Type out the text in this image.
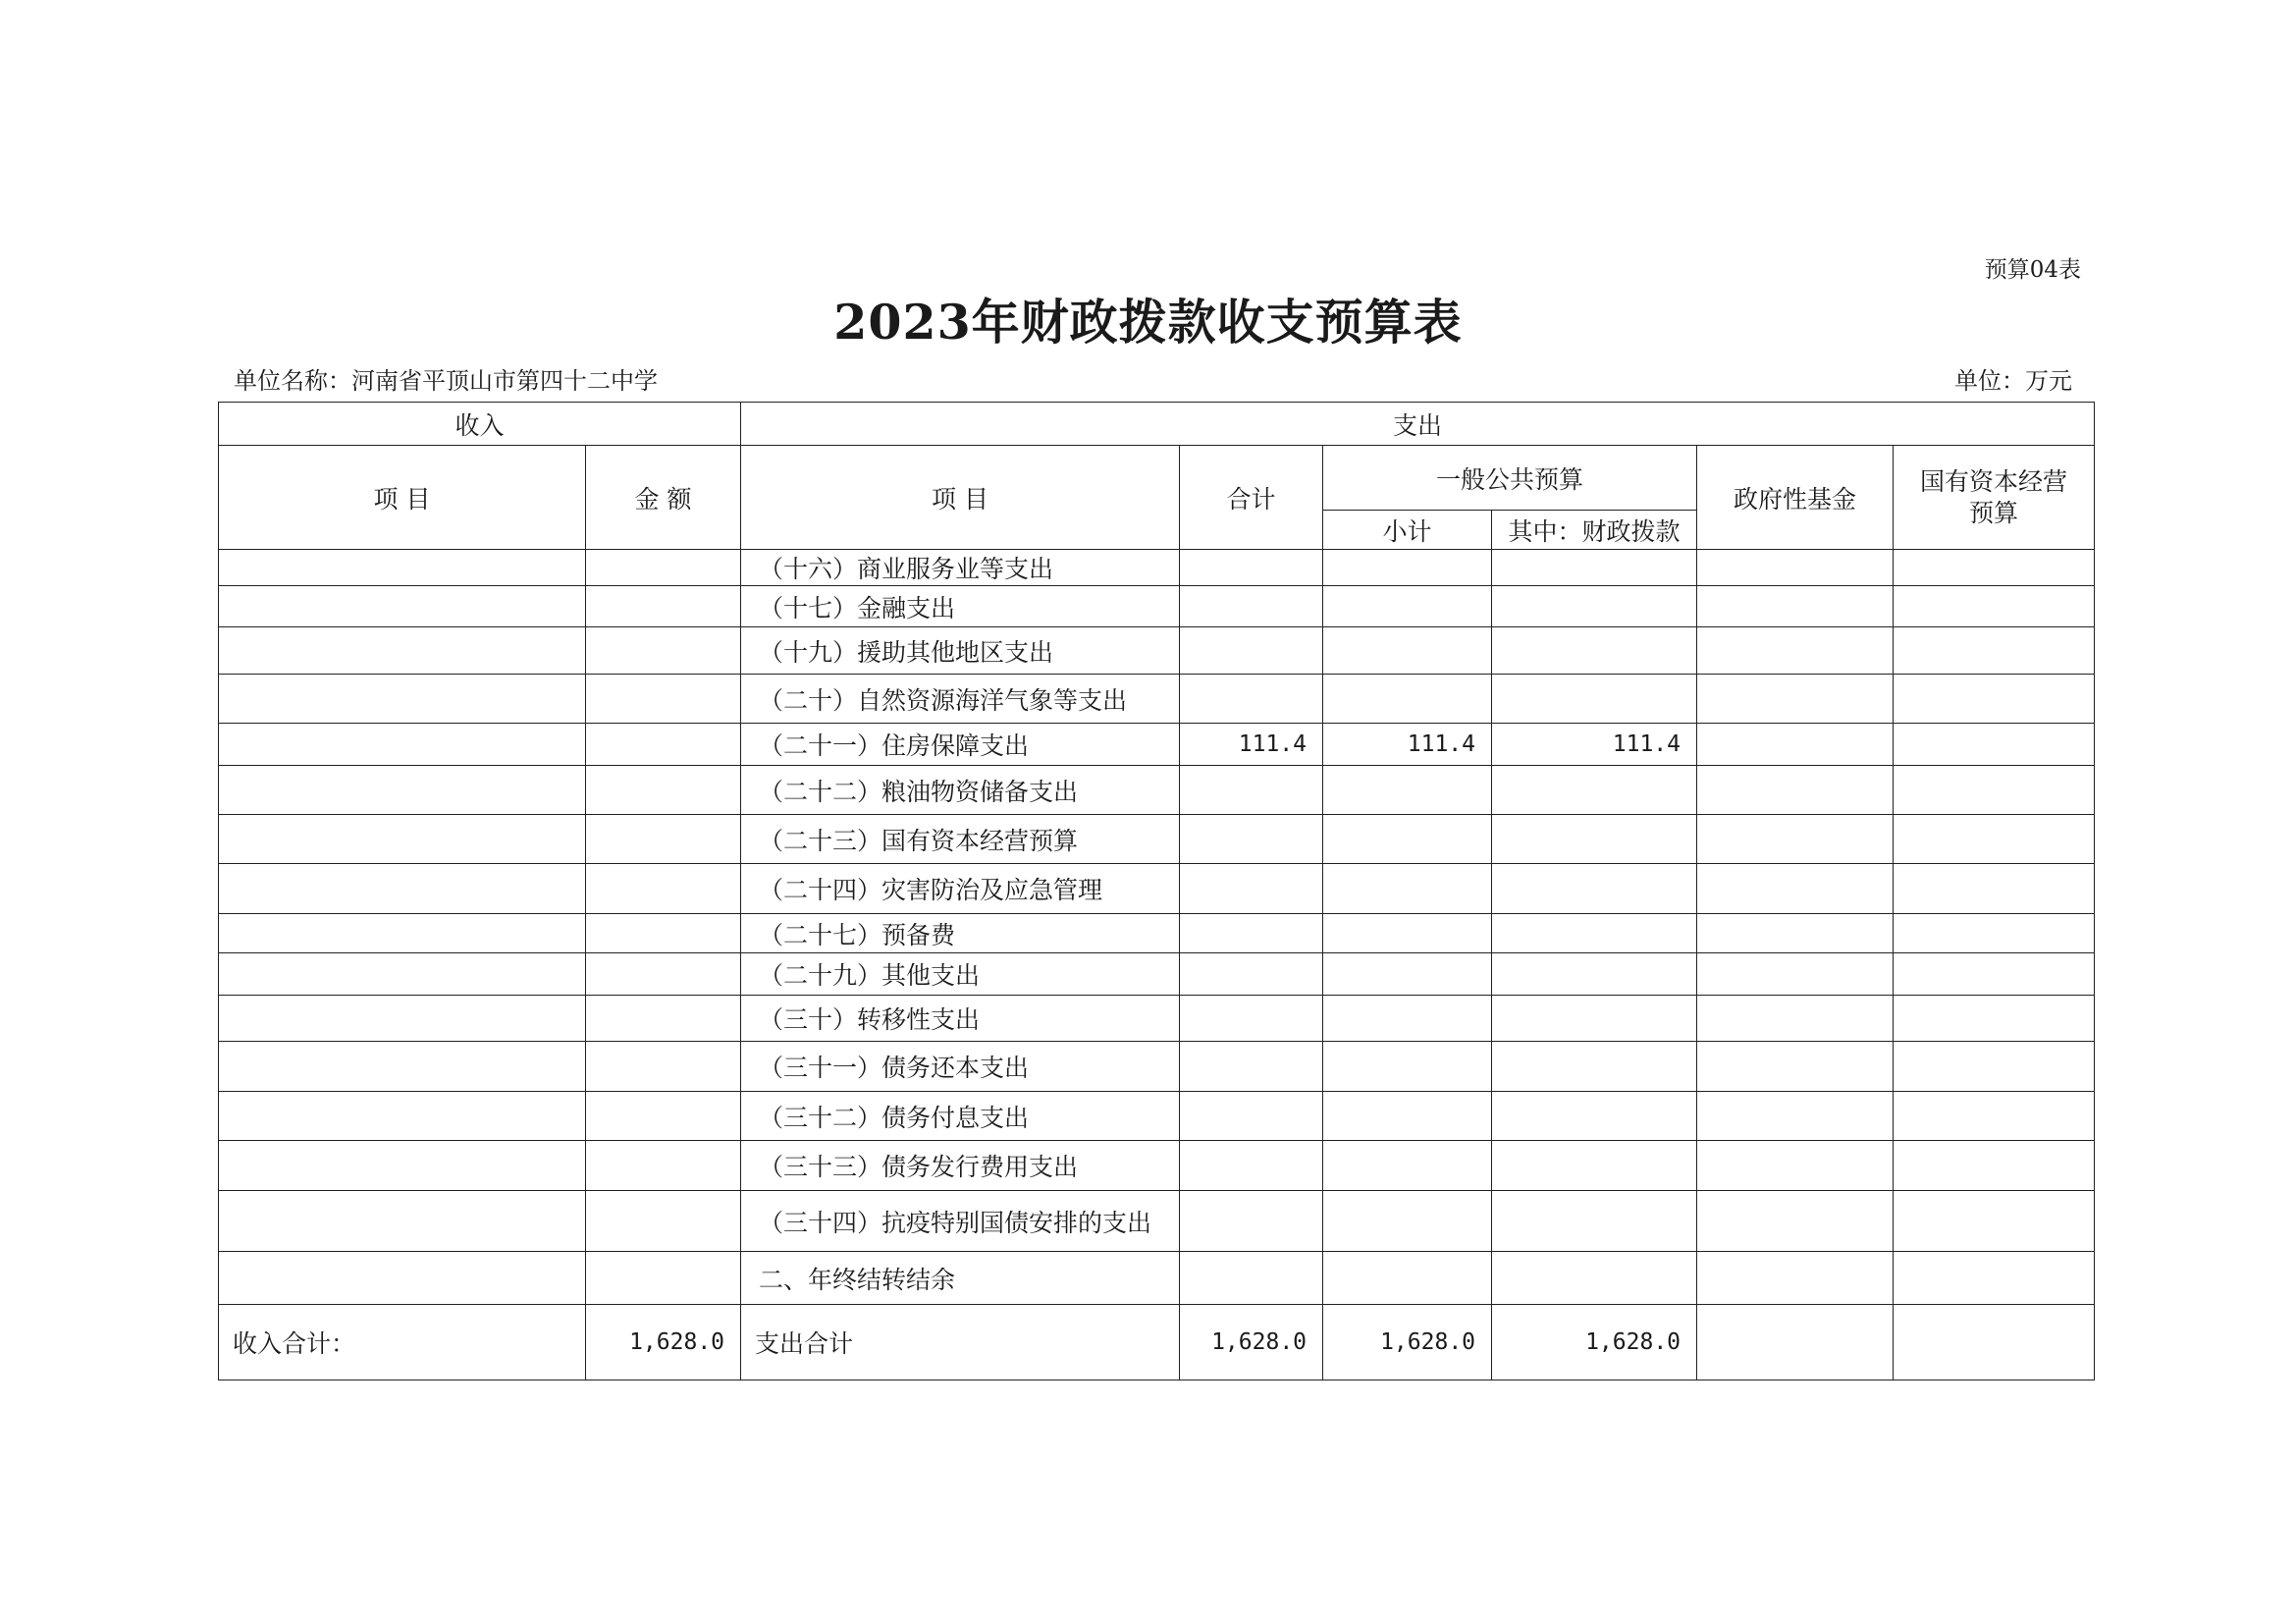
预算04表
2023年财政拨款收支预算表
单位名称：河南省平顶山市第四十二中学	单位：万元
收入		支出					
项 目	金 额	项 目	合计	一般公共预算		政府性基金	国有资本经营预算
				小计	其中：财政拨款		
		（十六）商业服务业等支出					
		（十七）金融支出					
		（十九）援助其他地区支出					
		（二十）自然资源海洋气象等支出					
		（二十一）住房保障支出	111.4	111.4	111.4		
		（二十二）粮油物资储备支出					
		（二十三）国有资本经营预算					
		（二十四）灾害防治及应急管理					
		（二十七）预备费					
		（二十九）其他支出					
		（三十）转移性支出					
		（三十一）债务还本支出					
		（三十二）债务付息支出					
		（三十三）债务发行费用支出					
		（三十四）抗疫特别国债安排的支出					
		二、年终结转结余					
收入合计：	1,628.0	支出合计	1,628.0	1,628.0	1,628.0		
